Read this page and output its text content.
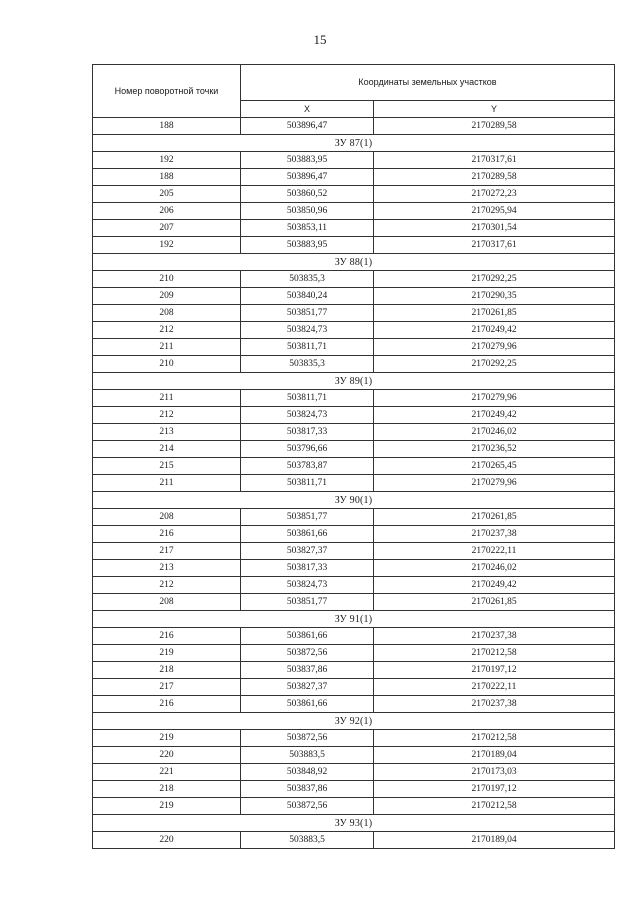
15
Номер поворотной точки	Координаты земельных участков	
	X	Y
188	503896,47	2170289,58
ЗУ 87(1)		
192	503883,95	2170317,61
188	503896,47	2170289,58
205	503860,52	2170272,23
206	503850,96	2170295,94
207	503853,11	2170301,54
192	503883,95	2170317,61
ЗУ 88(1)		
210	503835,3	2170292,25
209	503840,24	2170290,35
208	503851,77	2170261,85
212	503824,73	2170249,42
211	503811,71	2170279,96
210	503835,3	2170292,25
ЗУ 89(1)		
211	503811,71	2170279,96
212	503824,73	2170249,42
213	503817,33	2170246,02
214	503796,66	2170236,52
215	503783,87	2170265,45
211	503811,71	2170279,96
ЗУ 90(1)		
208	503851,77	2170261,85
216	503861,66	2170237,38
217	503827,37	2170222,11
213	503817,33	2170246,02
212	503824,73	2170249,42
208	503851,77	2170261,85
ЗУ 91(1)		
216	503861,66	2170237,38
219	503872,56	2170212,58
218	503837,86	2170197,12
217	503827,37	2170222,11
216	503861,66	2170237,38
ЗУ 92(1)		
219	503872,56	2170212,58
220	503883,5	2170189,04
221	503848,92	2170173,03
218	503837,86	2170197,12
219	503872,56	2170212,58
ЗУ 93(1)		
220	503883,5	2170189,04
